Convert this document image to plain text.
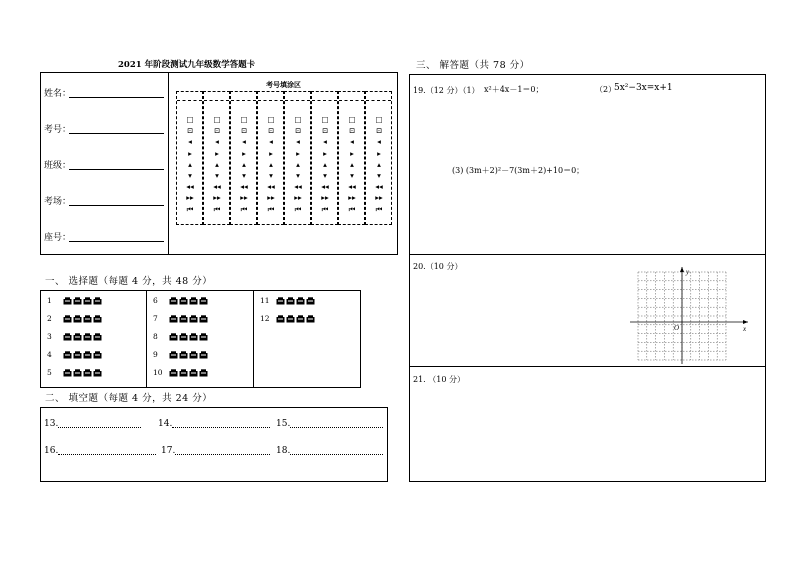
2021 年阶段测试九年级数学答题卡
姓名：
考号：
班级：
考场：
座号：
考号填涂区
□
⊡
◂
▸
▴
▾
◂◂
▸▸
⏮
□
⊡
◂
▸
▴
▾
◂◂
▸▸
⏮
□
⊡
◂
▸
▴
▾
◂◂
▸▸
⏮
□
⊡
◂
▸
▴
▾
◂◂
▸▸
⏮
□
⊡
◂
▸
▴
▾
◂◂
▸▸
⏮
□
⊡
◂
▸
▴
▾
◂◂
▸▸
⏮
□
⊡
◂
▸
▴
▾
◂◂
▸▸
⏮
□
⊡
◂
▸
▴
▾
◂◂
▸▸
⏮
一、 选择题（每题 4 分，共 48 分）
1
2
3
4
5
6
7
8
9
10
11
12
二、 填空题（每题 4 分，共 24 分）
13.	14.	15.
16.	17.	18.
三、 解答题（共 78 分）
19.（12 分）（1） x²＋4x－1＝0；	（2）
5x²−3x=x+1
(3) (3m＋2)²－7(3m＋2)+10＝0；
20.（10 分）
y
x
O
21. （10 分）
